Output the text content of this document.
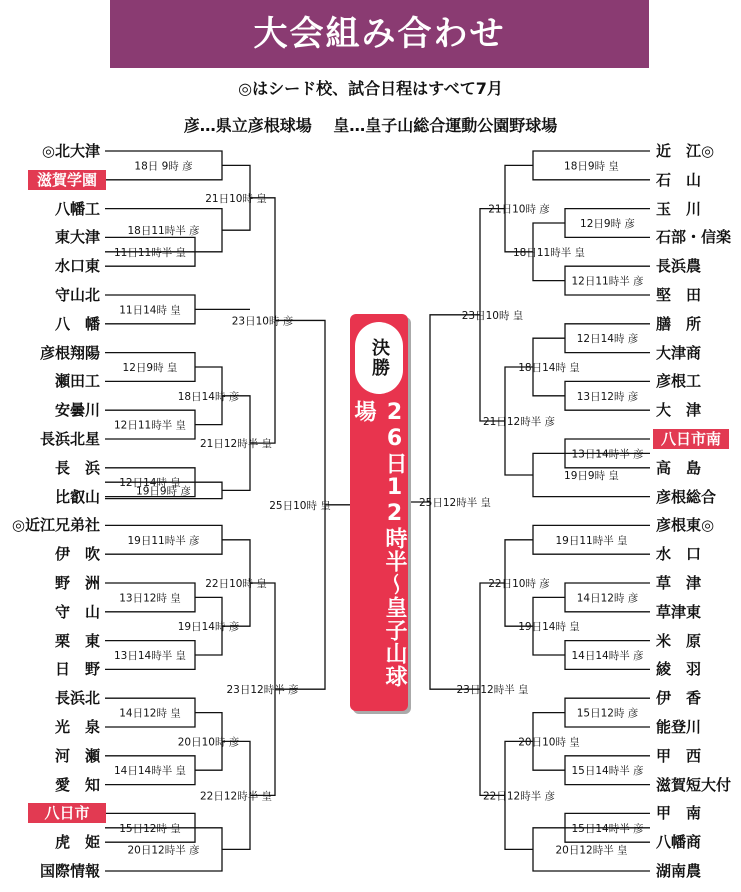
大会組み合わせ
◎はシード校、試合日程はすべて7月
彦…県立彦根球場　 皇…皇子山総合運動公園野球場
18日 9時 彦
11日11時半 皇
11日14時 皇
12日9時 皇
12日11時半 皇
12日14時 皇
19日11時半 彦
13日12時 皇
13日14時半 皇
14日12時 皇
14日14時半 皇
15日12時 皇
18日11時半 彦
18日14時 彦
19日9時 彦
19日14時 彦
20日10時 彦
20日12時半 彦
21日10時 皇
21日12時半 皇
22日10時 皇
22日12時半 皇
23日10時 彦
23日12時半 彦
25日10時 皇
18日9時 皇
12日9時 彦
12日11時半 彦
12日14時 彦
13日12時 彦
13日14時半 彦
19日11時半 皇
14日12時 彦
14日14時半 彦
15日12時 彦
15日14時半 彦
15日14時半 彦
18日11時半 皇
18日14時 皇
19日9時 皇
19日14時 皇
20日10時 皇
20日12時半 皇
21日10時 彦
21日12時半 彦
22日10時 彦
22日12時半 彦
23日10時 皇
23日12時半 皇
25日12時半 皇
◎北大津
滋賀学園
八幡工
東大津
水口東
守山北
八　幡
彦根翔陽
瀬田工
安曇川
長浜北星
長　浜
比叡山
◎近江兄弟社
伊　吹
野　洲
守　山
栗　東
日　野
長浜北
光　泉
河　瀬
愛　知
八日市
虎　姫
国際情報
近　江◎
石　山
玉　川
石部・信楽
長浜農
堅　田
膳　所
大津商
彦根工
大　津
八日市南
高　島
彦根総合
彦根東◎
水　口
草　津
草津東
米　原
綾　羽
伊　香
能登川
甲　西
滋賀短大付
甲　南
八幡商
湖南農
決勝
26日12時半〜皇子山球場
